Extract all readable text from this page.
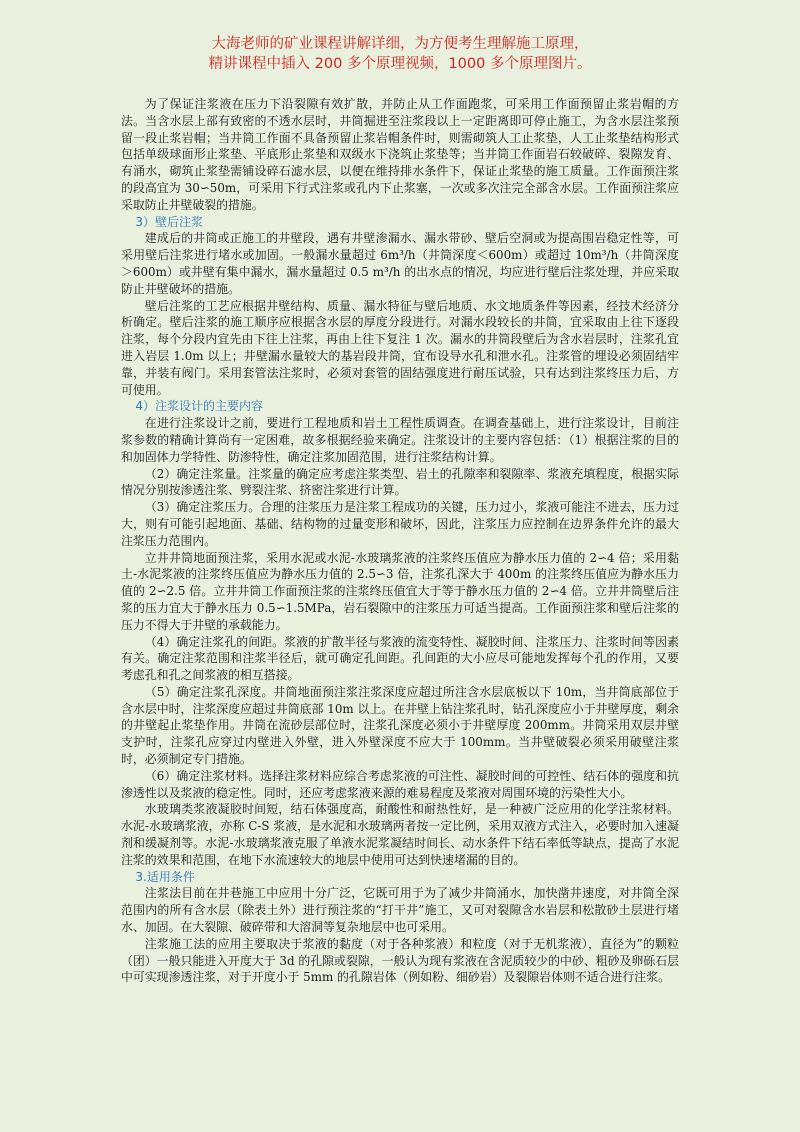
大海老师的矿业课程讲解详细，为方便考生理解施工原理，
精讲课程中插入 200 多个原理视频，1000 多个原理图片。

为了保证注浆液在压力下沿裂隙有效扩散，并防止从工作面跑浆，可采用工作面预留止浆岩帽的方法。当含水层上部有致密的不透水层时，井筒掘进至注浆段以上一定距离即可停止施工，为含水层注浆预留一段止浆岩帽；当井筒工作面不具备预留止浆岩帽条件时，则需砌筑人工止浆垫，人工止浆垫结构形式包括单级球面形止浆垫、平底形止浆垫和双级水下浇筑止浆垫等；当井筒工作面岩石较破碎、裂隙发育、有涌水，砌筑止浆垫需铺设碎石滤水层，以便在维持排水条件下，保证止浆垫的施工质量。工作面预注浆的段高宜为 30∽50m，可采用下行式注浆或孔内下止浆塞，一次或多次注完全部含水层。工作面预注浆应采取防止井壁破裂的措施。

3）壁后注浆

建成后的井筒或正施工的井壁段，遇有井壁渗漏水、漏水带砂、壁后空洞或为提高围岩稳定性等，可采用壁后注浆进行堵水或加固。一般漏水量超过 6m³/h（井筒深度＜600m）或超过 10m³/h（井筒深度＞600m）或井壁有集中漏水，漏水量超过 0.5 m³/h 的出水点的情况，均应进行壁后注浆处理，并应采取防止井壁破坏的措施。

壁后注浆的工艺应根据井壁结构、质量、漏水特征与壁后地质、水文地质条件等因素，经技术经济分析确定。壁后注浆的施工顺序应根据含水层的厚度分段进行。对漏水段较长的井筒，宜采取由上往下逐段注浆，每个分段内宜先由下往上注浆，再由上往下复注 1 次。漏水的井筒段壁后为含水岩层时，注浆孔宜进入岩层 1.0m 以上；井壁漏水量较大的基岩段井筒，宜布设导水孔和泄水孔。注浆管的埋设必须固结牢靠，并装有阀门。采用套管法注浆时，必须对套管的固结强度进行耐压试验，只有达到注浆终压力后，方可使用。

4）注浆设计的主要内容

在进行注浆设计之前，要进行工程地质和岩土工程性质调查。在调查基础上，进行注浆设计，目前注浆参数的精确计算尚有一定困难，故多根据经验来确定。注浆设计的主要内容包括：（1）根据注浆的目的和加固体力学特性、防渗特性，确定注浆加固范围，进行注浆结构计算。

（2）确定注浆量。注浆量的确定应考虑注浆类型、岩土的孔隙率和裂隙率、浆液充填程度，根据实际情况分别按渗透注浆、劈裂注浆、挤密注浆进行计算。

（3）确定注浆压力。合理的注浆压力是注浆工程成功的关键，压力过小，浆液可能注不进去，压力过大，则有可能引起地面、基础、结构物的过量变形和破坏，因此，注浆压力应控制在边界条件允许的最大注浆压力范围内。

立井井筒地面预注浆，采用水泥或水泥-水玻璃浆液的注浆终压值应为静水压力值的 2∽4 倍；采用黏土-水泥浆液的注浆终压值应为静水压力值的 2.5∽3 倍，注浆孔深大于 400m 的注浆终压值应为静水压力值的 2∽2.5 倍。立井井筒工作面预注浆的注浆终压值宜大于等于静水压力值的 2∽4 倍。立井井筒壁后注浆的压力宜大于静水压力 0.5∽1.5MPa，岩石裂隙中的注浆压力可适当提高。工作面预注浆和壁后注浆的压力不得大于井壁的承载能力。

（4）确定注浆孔的间距。浆液的扩散半径与浆液的流变特性、凝胶时间、注浆压力、注浆时间等因素有关。确定注浆范围和注浆半径后，就可确定孔间距。孔间距的大小应尽可能地发挥每个孔的作用，又要考虑孔和孔之间浆液的相互搭接。

（5）确定注浆孔深度。井筒地面预注浆注浆深度应超过所注含水层底板以下 10m，当井筒底部位于含水层中时，注浆深度应超过井筒底部 10m 以上。在井壁上钻注浆孔时，钻孔深度应小于井壁厚度，剩余的井壁起止浆垫作用。井筒在流砂层部位时，注浆孔深度必须小于井壁厚度 200mm。井筒采用双层井壁支护时，注浆孔应穿过内壁进入外壁，进入外壁深度不应大于 100mm。当井壁破裂必须采用破壁注浆时，必须制定专门措施。

（6）确定注浆材料。选择注浆材料应综合考虑浆液的可注性、凝胶时间的可控性、结石体的强度和抗渗透性以及浆液的稳定性。同时，还应考虑浆液来源的难易程度及浆液对周围环境的污染性大小。

水玻璃类浆液凝胶时间短，结石体强度高，耐酸性和耐热性好，是一种被广泛应用的化学注浆材料。水泥-水玻璃浆液，亦称 C-S 浆液，是水泥和水玻璃两者按一定比例，采用双液方式注入，必要时加入速凝剂和缓凝剂等。水泥-水玻璃浆液克服了单液水泥浆凝结时间长、动水条件下结石率低等缺点，提高了水泥注浆的效果和范围，在地下水流速较大的地层中使用可达到快速堵漏的目的。

3.适用条件

注浆法目前在井巷施工中应用十分广泛，它既可用于为了减少井筒涌水，加快凿井速度，对井筒全深范围内的所有含水层（除表土外）进行预注浆的“打干井”施工，又可对裂隙含水岩层和松散砂土层进行堵水、加固。在大裂隙、破碎带和大溶洞等复杂地层中也可采用。

注浆施工法的应用主要取决于浆液的黏度（对于各种浆液）和粒度（对于无机浆液），直径为”的颗粒（团）一般只能进入开度大于 3d 的孔隙或裂隙，一般认为现有浆液在含泥质较少的中砂、粗砂及卵砾石层中可实现渗透注浆，对于开度小于 5mm 的孔隙岩体（例如粉、细砂岩）及裂隙岩体则不适合进行注浆。
